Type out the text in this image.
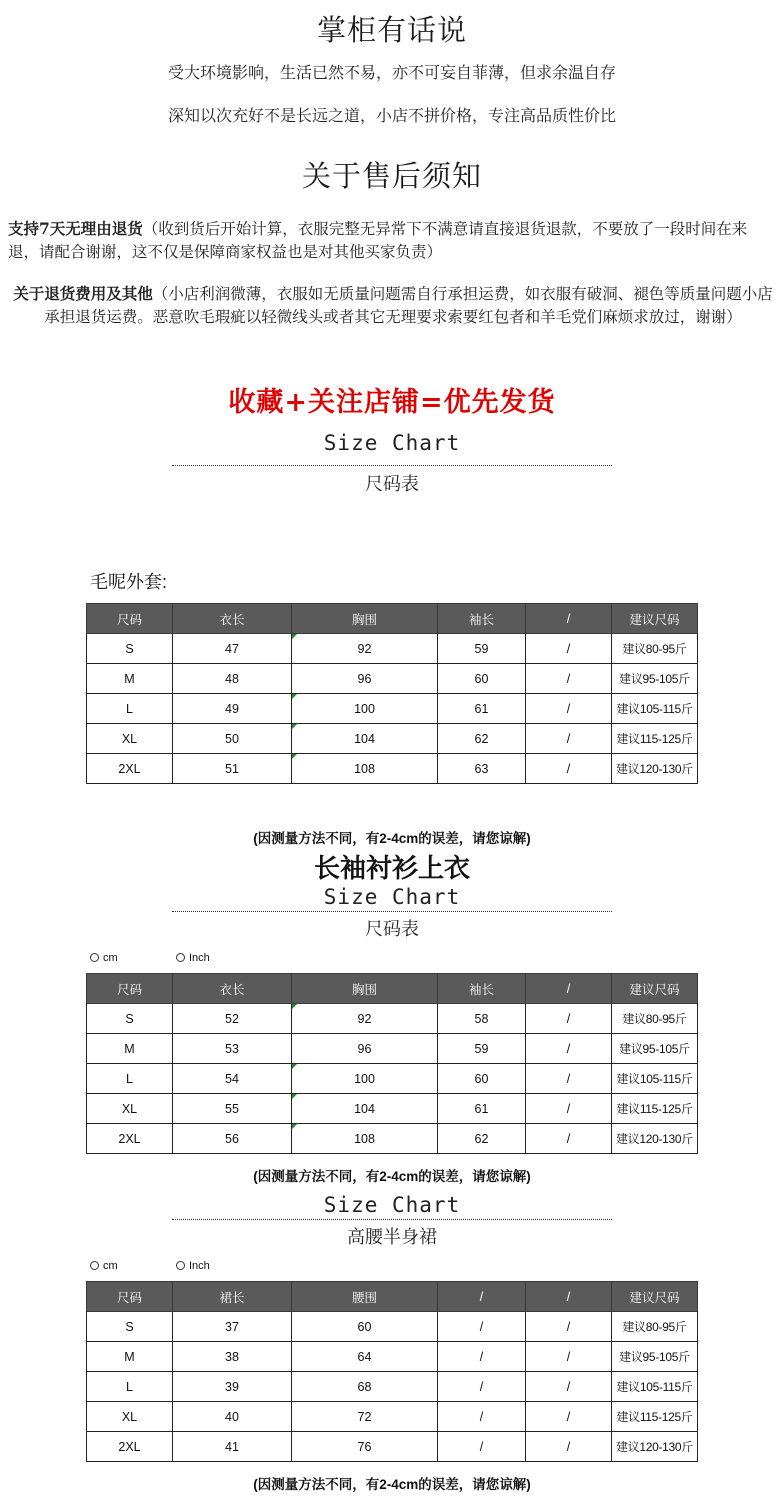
掌柜有话说
受大环境影响，生活已然不易，亦不可妄自菲薄，但求余温自存
深知以次充好不是长远之道，小店不拼价格，专注高品质性价比
关于售后须知
支持7天无理由退货（收到货后开始计算，衣服完整无异常下不满意请直接退货退款，不要放了一段时间在来退，请配合谢谢，这不仅是保障商家权益也是对其他买家负责）
关于退货费用及其他（小店利润微薄，衣服如无质量问题需自行承担运费，如衣服有破洞、褪色等质量问题小店承担退货运费。恶意吹毛瑕疵以轻微线头或者其它无理要求索要红包者和羊毛党们麻烦求放过，谢谢）
收藏+关注店铺=优先发货
Size Chart
尺码表
毛呢外套:
尺码	衣长	胸围	袖长	/	建议尺码
S	47	92	59	/	建议80-95斤
M	48	96	60	/	建议95-105斤
L	49	100	61	/	建议105-115斤
XL	50	104	62	/	建议115-125斤
2XL	51	108	63	/	建议120-130斤
(因测量方法不同，有2-4cm的误差，请您谅解)
长袖衬衫上衣
Size Chart
尺码表
cm	Inch
尺码	衣长	胸围	袖长	/	建议尺码
S	52	92	58	/	建议80-95斤
M	53	96	59	/	建议95-105斤
L	54	100	60	/	建议105-115斤
XL	55	104	61	/	建议115-125斤
2XL	56	108	62	/	建议120-130斤
(因测量方法不同，有2-4cm的误差，请您谅解)
Size Chart
高腰半身裙
cm	Inch
尺码	裙长	腰围	/	/	建议尺码
S	37	60	/	/	建议80-95斤
M	38	64	/	/	建议95-105斤
L	39	68	/	/	建议105-115斤
XL	40	72	/	/	建议115-125斤
2XL	41	76	/	/	建议120-130斤
(因测量方法不同，有2-4cm的误差，请您谅解)
